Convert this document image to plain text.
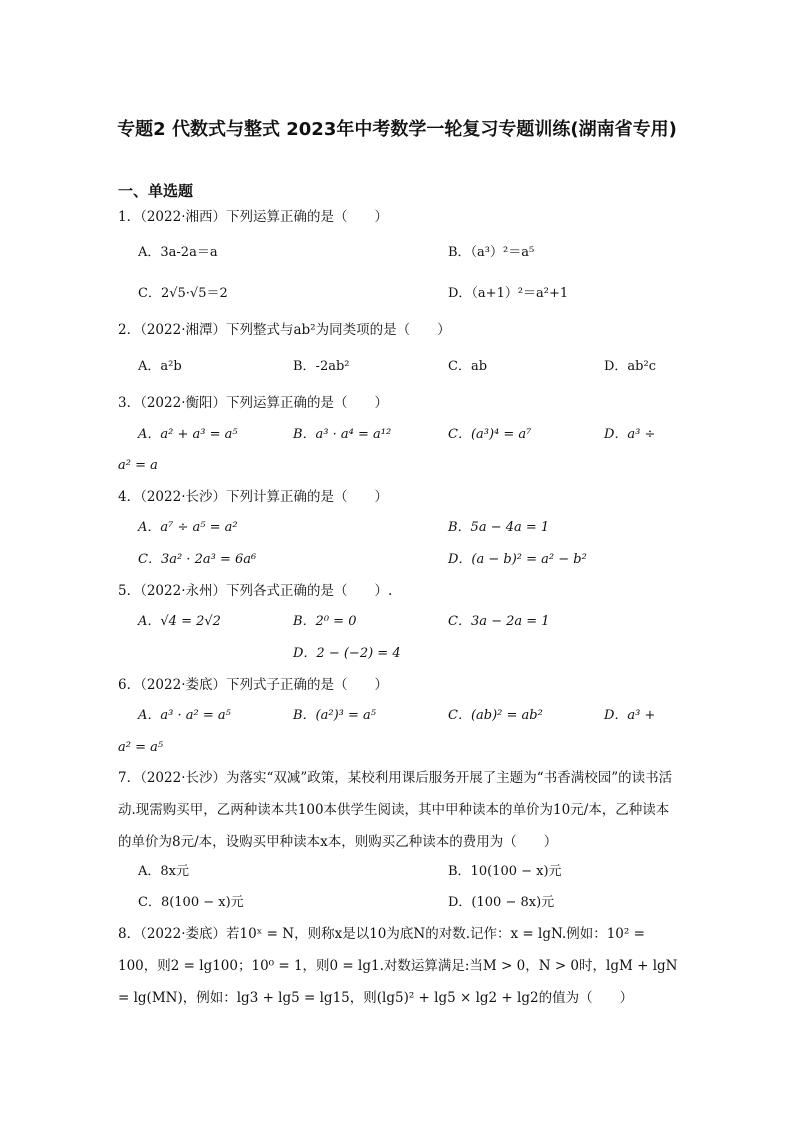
专题2 代数式与整式 2023年中考数学一轮复习专题训练(湖南省专用)
一、单选题
1．（2022·湘西）下列运算正确的是（　　）
A．3a-2a＝a	B．（a³）²＝a⁵
C．2√5·√5＝2	D．（a+1）²＝a²+1
2．（2022·湘潭）下列整式与ab²为同类项的是（　　）
A．a²b	B．-2ab²	C．ab	D．ab²c
3．（2022·衡阳）下列运算正确的是（　　）
A．a² + a³ = a⁵	B．a³ · a⁴ = a¹²	C．(a³)⁴ = a⁷	D．a³ ÷
a² = a
4．（2022·长沙）下列计算正确的是（　　）
A．a⁷ ÷ a⁵ = a²	B．5a − 4a = 1
C．3a² · 2a³ = 6a⁶	D．(a − b)² = a² − b²
5．（2022·永州）下列各式正确的是（　　）.
A．√4 = 2√2	B．2⁰ = 0	C．3a − 2a = 1
D．2 − (−2) = 4
6．（2022·娄底）下列式子正确的是（　　）
A．a³ · a² = a⁵	B．(a²)³ = a⁵	C．(ab)² = ab²	D．a³ +
a² = a⁵
7．（2022·长沙）为落实“双减”政策，某校利用课后服务开展了主题为“书香满校园”的读书活动.现需购买甲，乙两种读本共100本供学生阅读，其中甲种读本的单价为10元/本，乙种读本的单价为8元/本，设购买甲种读本x本，则购买乙种读本的费用为（　　）
A．8x元	B．10(100 − x)元
C．8(100 − x)元	D．(100 − 8x)元
8．（2022·娄底）若10ˣ = N，则称x是以10为底N的对数.记作：x = lgN.例如：10² = 100，则2 = lg100；10⁰ = 1，则0 = lg1.对数运算满足:当M > 0，N > 0时，lgM + lgN = lg(MN)，例如：lg3 + lg5 = lg15，则(lg5)² + lg5 × lg2 + lg2的值为（　　）
